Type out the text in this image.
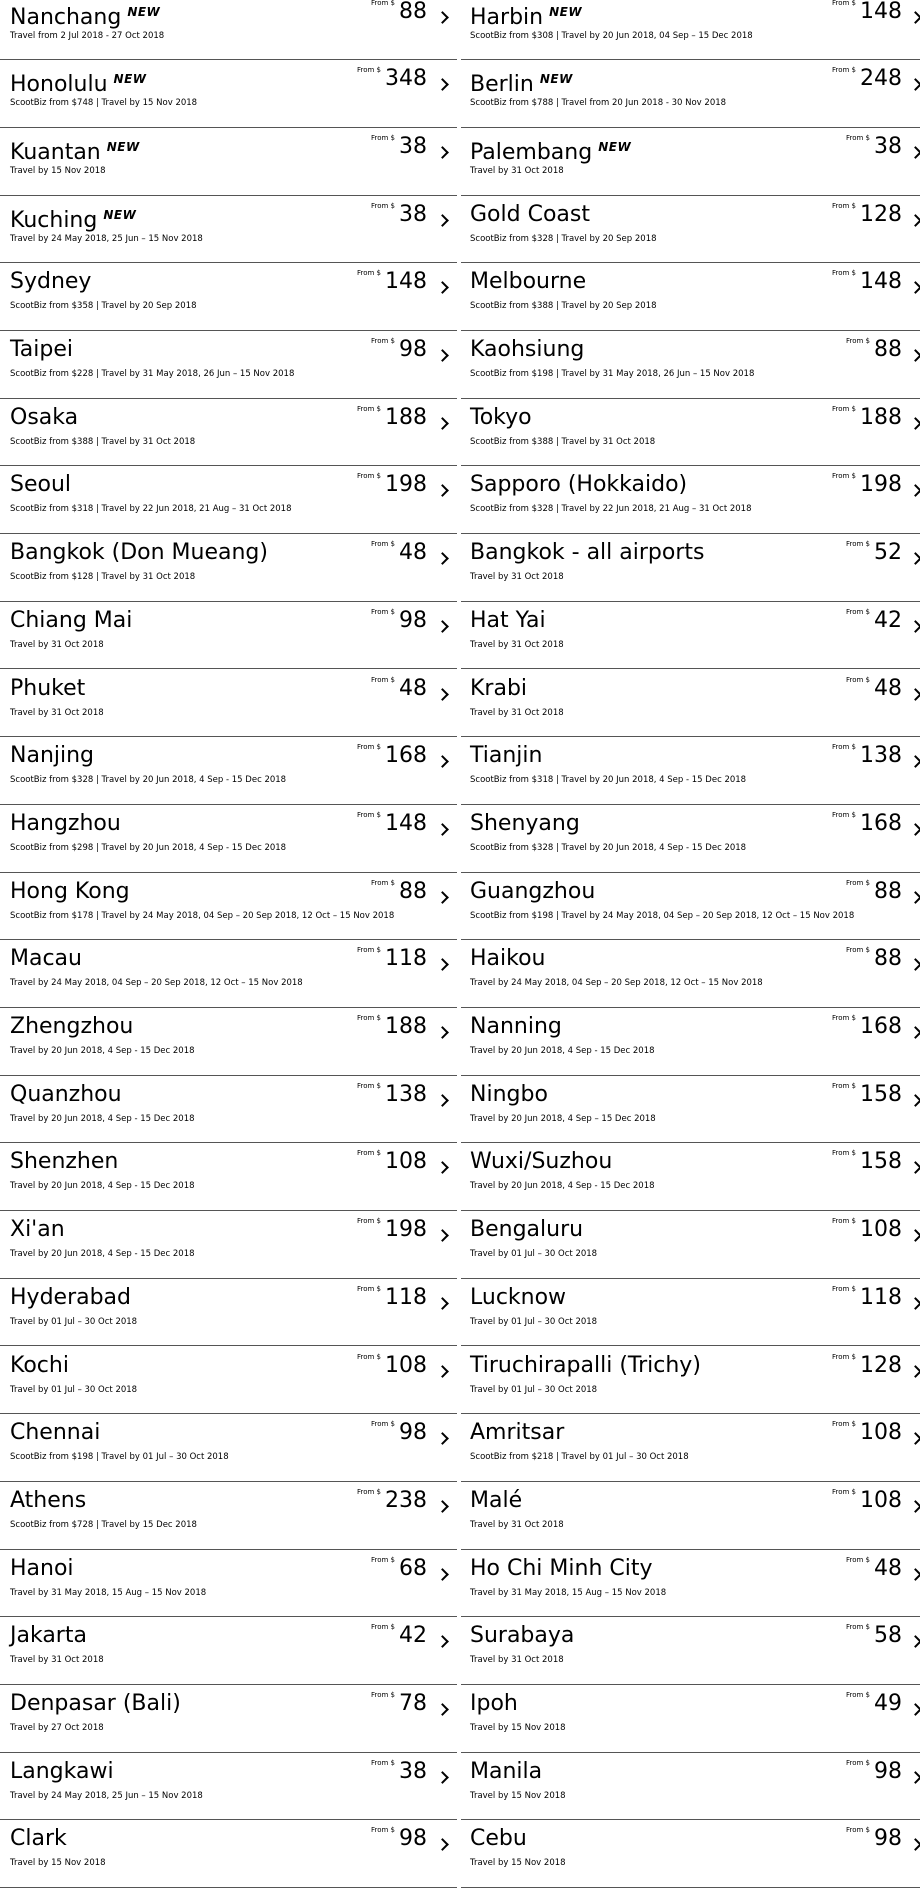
Nanchang $^{NEW}$
Travel from 2 Jul 2018 - 27 Oct 2018
$^{From \$}$ 88 Harbin $^{NEW}$
ScootBiz from $308 | Travel by 20 Jun 2018, 04 Sep – 15 Dec 2018
$^{From \$}$ 148
Honolulu $^{NEW}$
ScootBiz from $748 | Travel by 15 Nov 2018
$^{From \$}$ 348 Berlin $^{NEW}$
ScootBiz from $788 | Travel from 20 Jun 2018 - 30 Nov 2018
$^{From \$}$ 248
Kuantan $^{NEW}$
Travel by 15 Nov 2018
$^{From \$}$ 38 Palembang $^{NEW}$
Travel by 31 Oct 2018
$^{From \$}$ 38
Kuching $^{NEW}$
Travel by 24 May 2018, 25 Jun – 15 Nov 2018
$^{From \$}$ 38 Gold Coast
ScootBiz from $328 | Travel by 20 Sep 2018
$^{From \$}$ 128
Sydney
ScootBiz from $358 | Travel by 20 Sep 2018
$^{From \$}$ 148 Melbourne
ScootBiz from $388 | Travel by 20 Sep 2018
$^{From \$}$ 148
Taipei
ScootBiz from $228 | Travel by 31 May 2018, 26 Jun – 15 Nov 2018
$^{From \$}$ 98 Kaohsiung
ScootBiz from $198 | Travel by 31 May 2018, 26 Jun – 15 Nov 2018
$^{From \$}$ 88
Osaka
ScootBiz from $388 | Travel by 31 Oct 2018
$^{From \$}$ 188 Tokyo
ScootBiz from $388 | Travel by 31 Oct 2018
$^{From \$}$ 188
Seoul
ScootBiz from $318 | Travel by 22 Jun 2018, 21 Aug – 31 Oct 2018
$^{From \$}$ 198 Sapporo (Hokkaido)
ScootBiz from $328 | Travel by 22 Jun 2018, 21 Aug – 31 Oct 2018
$^{From \$}$ 198
Bangkok (Don Mueang)
ScootBiz from $128 | Travel by 31 Oct 2018
$^{From \$}$ 48 Bangkok - all airports
Travel by 31 Oct 2018
$^{From \$}$ 52
Chiang Mai
Travel by 31 Oct 2018
$^{From \$}$ 98 Hat Yai
Travel by 31 Oct 2018
$^{From \$}$ 42
Phuket
Travel by 31 Oct 2018
$^{From \$}$ 48 Krabi
Travel by 31 Oct 2018
$^{From \$}$ 48
Nanjing
ScootBiz from $328 | Travel by 20 Jun 2018, 4 Sep - 15 Dec 2018
$^{From \$}$ 168 Tianjin
ScootBiz from $318 | Travel by 20 Jun 2018, 4 Sep - 15 Dec 2018
$^{From \$}$ 138
Hangzhou
ScootBiz from $298 | Travel by 20 Jun 2018, 4 Sep - 15 Dec 2018
$^{From \$}$ 148 Shenyang
ScootBiz from $328 | Travel by 20 Jun 2018, 4 Sep - 15 Dec 2018
$^{From \$}$ 168
Hong Kong
ScootBiz from $178 | Travel by 24 May 2018, 04 Sep – 20 Sep 2018, 12 Oct – 15 Nov 2018
$^{From \$}$ 88 Guangzhou
ScootBiz from $198 | Travel by 24 May 2018, 04 Sep – 20 Sep 2018, 12 Oct – 15 Nov 2018
$^{From \$}$ 88
Macau
Travel by 24 May 2018, 04 Sep – 20 Sep 2018, 12 Oct – 15 Nov 2018
$^{From \$}$ 118 Haikou
Travel by 24 May 2018, 04 Sep – 20 Sep 2018, 12 Oct – 15 Nov 2018
$^{From \$}$ 88
Zhengzhou
Travel by 20 Jun 2018, 4 Sep - 15 Dec 2018
$^{From \$}$ 188 Nanning
Travel by 20 Jun 2018, 4 Sep - 15 Dec 2018
$^{From \$}$ 168
Quanzhou
Travel by 20 Jun 2018, 4 Sep - 15 Dec 2018
$^{From \$}$ 138 Ningbo
Travel by 20 Jun 2018, 4 Sep – 15 Dec 2018
$^{From \$}$ 158
Shenzhen
Travel by 20 Jun 2018, 4 Sep - 15 Dec 2018
$^{From \$}$ 108 Wuxi/Suzhou
Travel by 20 Jun 2018, 4 Sep - 15 Dec 2018
$^{From \$}$ 158
Xi'an
Travel by 20 Jun 2018, 4 Sep - 15 Dec 2018
$^{From \$}$ 198 Bengaluru
Travel by 01 Jul – 30 Oct 2018
$^{From \$}$ 108
Hyderabad
Travel by 01 Jul – 30 Oct 2018
$^{From \$}$ 118 Lucknow
Travel by 01 Jul – 30 Oct 2018
$^{From \$}$ 118
Kochi
Travel by 01 Jul – 30 Oct 2018
$^{From \$}$ 108 Tiruchirapalli (Trichy)
Travel by 01 Jul – 30 Oct 2018
$^{From \$}$ 128
Chennai
ScootBiz from $198 | Travel by 01 Jul – 30 Oct 2018
$^{From \$}$ 98 Amritsar
ScootBiz from $218 | Travel by 01 Jul – 30 Oct 2018
$^{From \$}$ 108
Athens
ScootBiz from $728 | Travel by 15 Dec 2018
$^{From \$}$ 238 Malé
Travel by 31 Oct 2018
$^{From \$}$ 108
Hanoi
Travel by 31 May 2018, 15 Aug – 15 Nov 2018
$^{From \$}$ 68 Ho Chi Minh City
Travel by 31 May 2018, 15 Aug – 15 Nov 2018
$^{From \$}$ 48
Jakarta
Travel by 31 Oct 2018
$^{From \$}$ 42 Surabaya
Travel by 31 Oct 2018
$^{From \$}$ 58
Denpasar (Bali)
Travel by 27 Oct 2018
$^{From \$}$ 78 Ipoh
Travel by 15 Nov 2018
$^{From \$}$ 49
Langkawi
Travel by 24 May 2018, 25 Jun – 15 Nov 2018
$^{From \$}$ 38 Manila
Travel by 15 Nov 2018
$^{From \$}$ 98
Clark
Travel by 15 Nov 2018
$^{From \$}$ 98 Cebu
Travel by 15 Nov 2018
$^{From \$}$ 98
